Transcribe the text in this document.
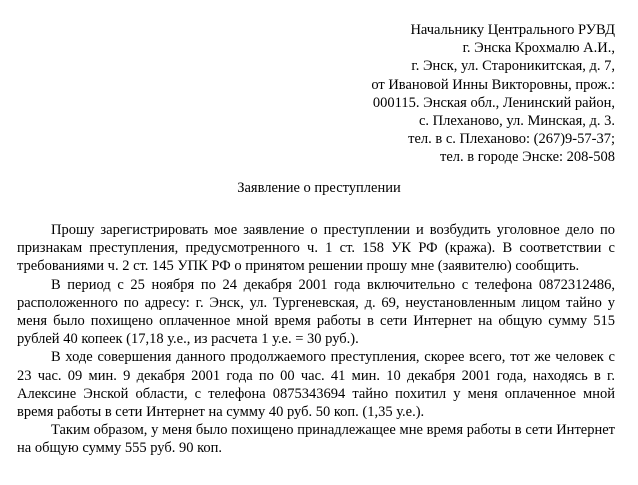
Начальнику Центрального РУВД
г. Энска Крохмалю А.И.,
г. Энск, ул. Староникитская, д. 7,
от Ивановой Инны Викторовны, прож.:
000115. Энская обл., Ленинский район,
с. Плеханово, ул. Минская, д. 3.
тел. в с. Плеханово: (267)9-57-37;
тел. в городе Энске: 208-508
Заявление о преступлении

Прошу зарегистрировать мое заявление о преступлении и возбудить уголовное дело по признакам преступления, предусмотренного ч. 1 ст. 158 УК РФ (кража). В соответствии с требованиями ч. 2 ст. 145 УПК РФ о принятом решении прошу мне (заявителю) сообщить.

В период с 25 ноября по 24 декабря 2001 года включительно с телефона 0872312486, расположенного по адресу: г. Энск, ул. Тургеневская, д. 69, неустановленным лицом тайно у меня было похищено оплаченное мной время работы в сети Интернет на общую сумму 515 рублей 40 копеек (17,18 у.е., из расчета 1 у.е. = 30 руб.).

В ходе совершения данного продолжаемого преступления, скорее всего, тот же человек с 23 час. 09 мин. 9 декабря 2001 года по 00 час. 41 мин. 10 декабря 2001 года, находясь в г. Алексине Энской области, с телефона 0875343694 тайно похитил у меня оплаченное мной время работы в сети Интернет на сумму 40 руб. 50 коп. (1,35 у.е.).

Таким образом, у меня было похищено принадлежащее мне время работы в сети Интернет на общую сумму 555 руб. 90 коп.
